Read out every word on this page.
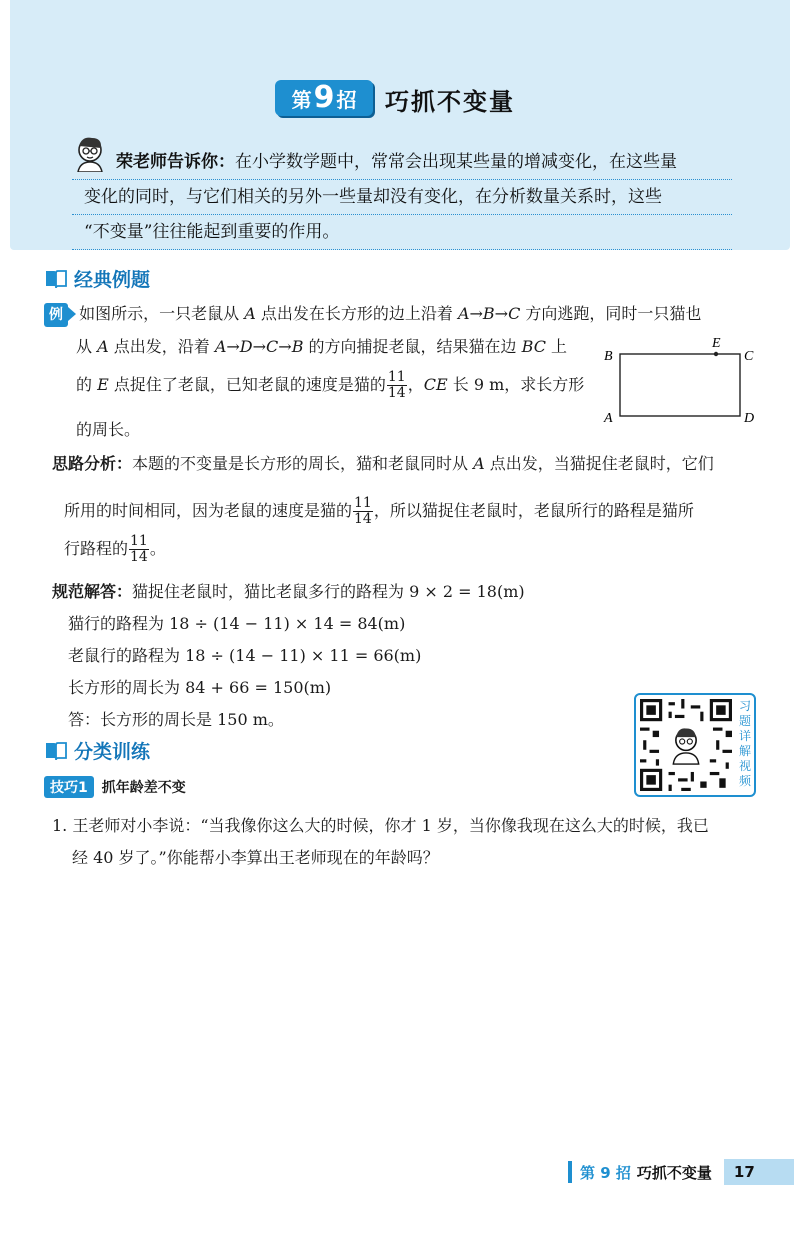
第 9 招 巧抓不变量
荣老师告诉你：在小学数学题中，常常会出现某些量的增减变化，在这些量
变化的同时，与它们相关的另外一些量却没有变化，在分析数量关系时，这些
“不变量”往往能起到重要的作用。
经典例题
例 如图所示，一只老鼠从 A 点出发在长方形的边上沿着 A→B→C 方向逃跑，同时一只猫也
从 A 点出发，沿着 A→D→C→B 的方向捕捉老鼠，结果猫在边 BC 上
的 E 点捉住了老鼠，已知老鼠的速度是猫的 $\frac{11}{14}$ ，CE 长 9 m，求长方形
的周长。
B
E
C
A	D
思路分析：本题的不变量是长方形的周长，猫和老鼠同时从 A 点出发，当猫捉住老鼠时，它们
所用的时间相同，因为老鼠的速度是猫的 $\frac{11}{14}$ ，所以猫捉住老鼠时，老鼠所行的路程是猫所
行路程的 $\frac{11}{14}$ 。
规范解答：猫捉住老鼠时，猫比老鼠多行的路程为 9 × 2 = 18(m)
猫行的路程为 18 ÷ (14 − 11) × 14 = 84(m)
老鼠行的路程为 18 ÷ (14 − 11) × 11 = 66(m)
长方形的周长为 84 + 66 = 150(m)
答：长方形的周长是 150 m。
习题详解视频
分类训练
技巧1	抓年龄差不变
1. 王老师对小李说：“当我像你这么大的时候，你才 1 岁，当你像我现在这么大的时候，我已
经 40 岁了。”你能帮小李算出王老师现在的年龄吗？
第 9 招 巧抓不变量	17
